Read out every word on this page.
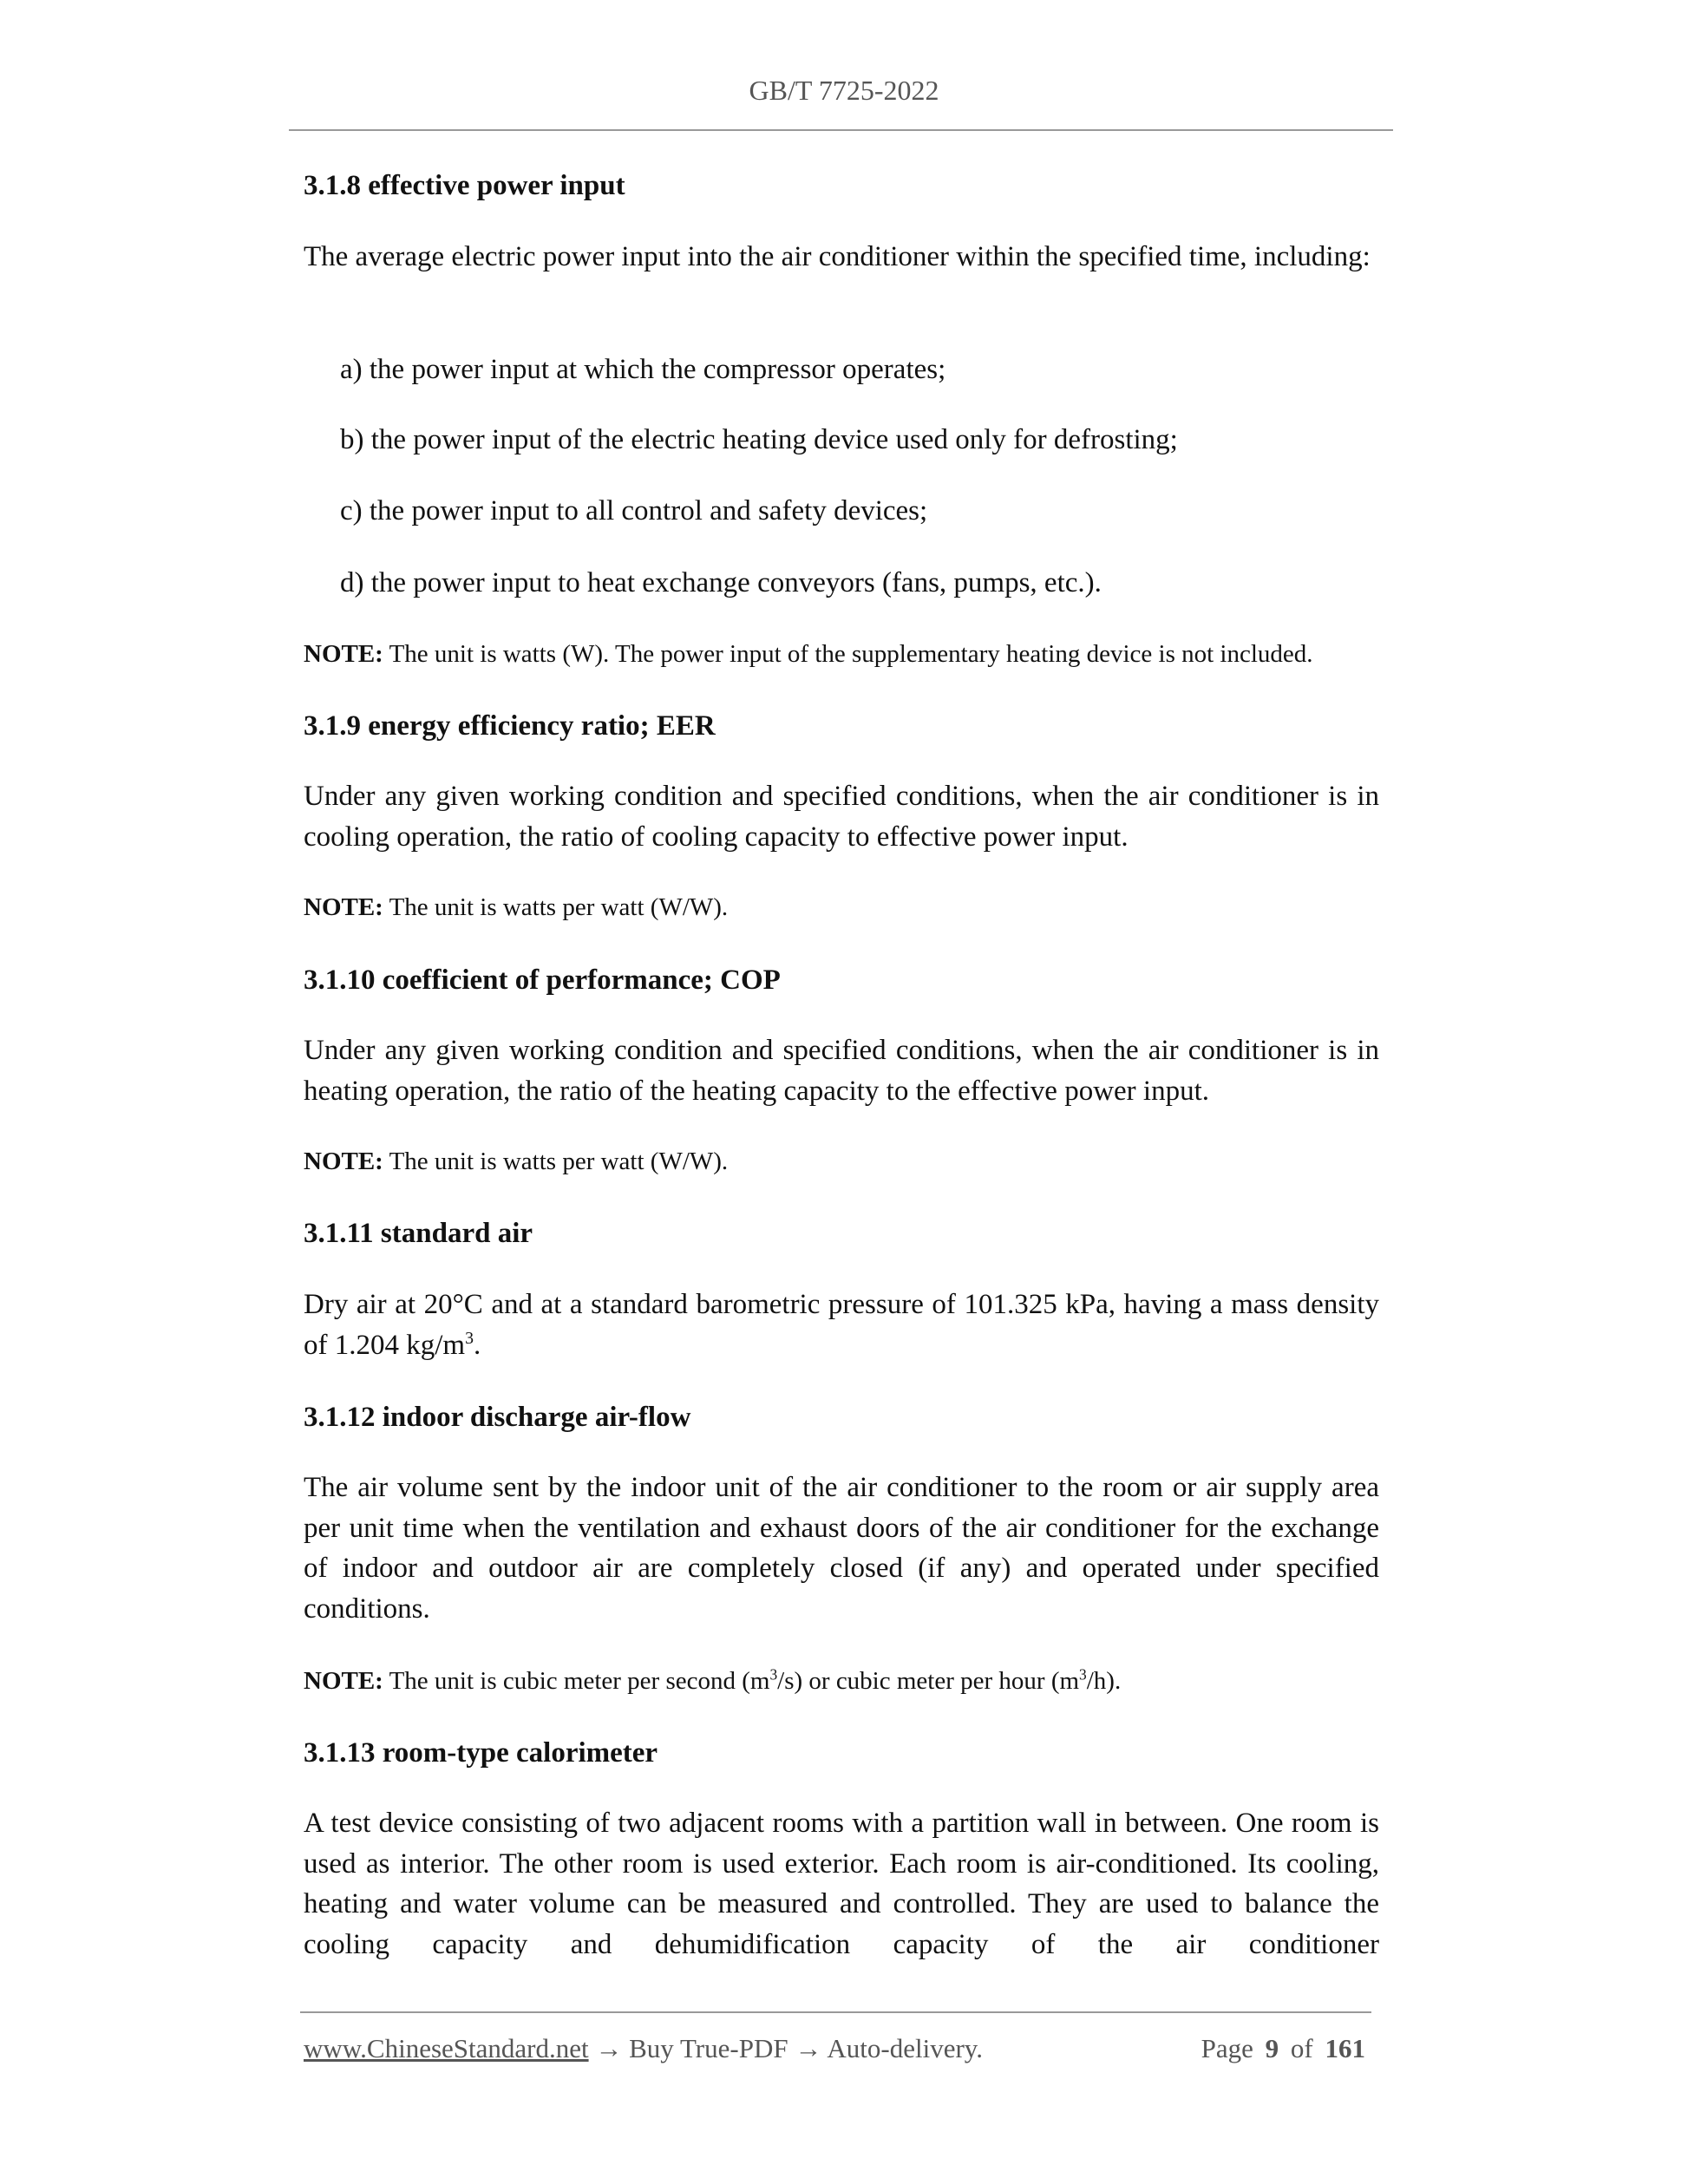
GB/T 7725-2022
3.1.8 effective power input
The average electric power input into the air conditioner within the specified time, including:
a) the power input at which the compressor operates;
b) the power input of the electric heating device used only for defrosting;
c) the power input to all control and safety devices;
d) the power input to heat exchange conveyors (fans, pumps, etc.).
NOTE: The unit is watts (W). The power input of the supplementary heating device is not included.
3.1.9 energy efficiency ratio; EER
Under any given working condition and specified conditions, when the air conditioner is in cooling operation, the ratio of cooling capacity to effective power input.
NOTE: The unit is watts per watt (W/W).
3.1.10 coefficient of performance; COP
Under any given working condition and specified conditions, when the air conditioner is in heating operation, the ratio of the heating capacity to the effective power input.
NOTE: The unit is watts per watt (W/W).
3.1.11 standard air
Dry air at 20°C and at a standard barometric pressure of 101.325 kPa, having a mass density of 1.204 $kg/m^3$.
3.1.12 indoor discharge air-flow
The air volume sent by the indoor unit of the air conditioner to the room or air supply area per unit time when the ventilation and exhaust doors of the air conditioner for the exchange of indoor and outdoor air are completely closed (if any) and operated under specified conditions.
NOTE: The unit is cubic meter per second $(m^3/s)$ or cubic meter per hour $(m^3/h)$.
3.1.13 room-type calorimeter
A test device consisting of two adjacent rooms with a partition wall in between. One room is used as interior. The other room is used exterior. Each room is air-conditioned. Its cooling, heating and water volume can be measured and controlled. They are used to balance the cooling capacity and dehumidification capacity of the air conditioner
www.ChineseStandard.net → Buy True-PDF → Auto-delivery.	Page 9 of 161
